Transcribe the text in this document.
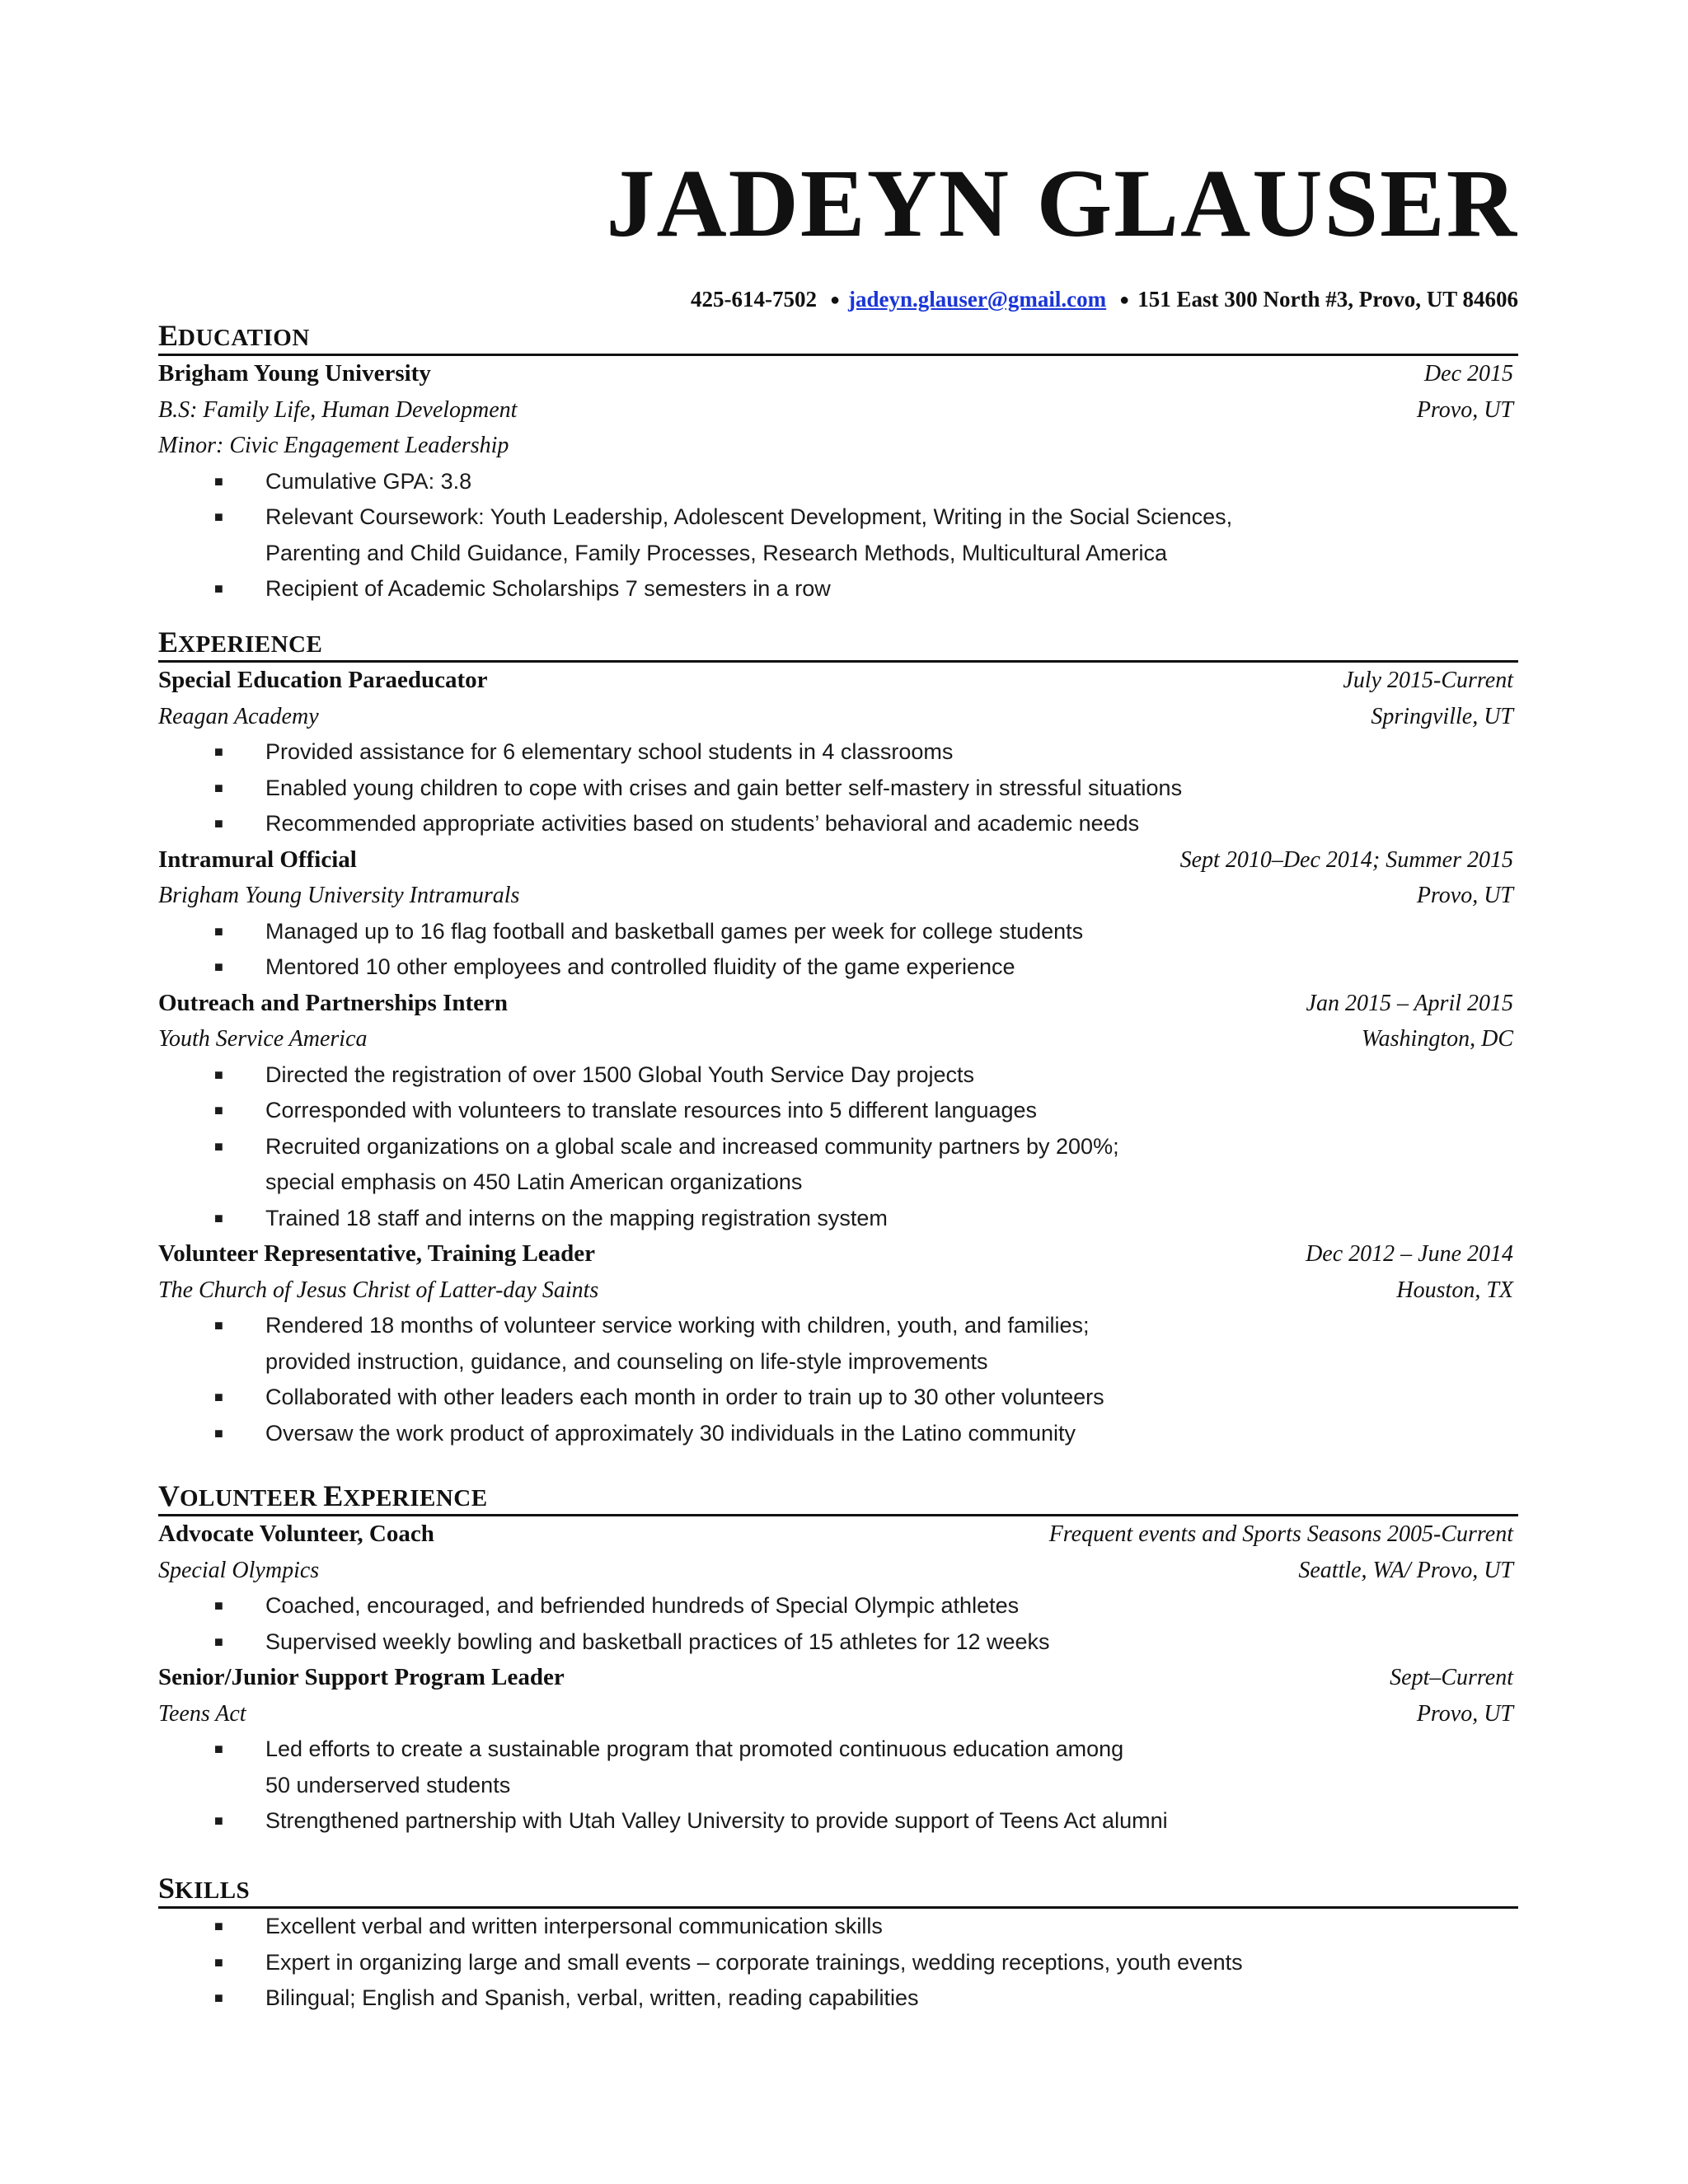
JADEYN GLAUSER
425-614-7502 ● jadeyn.glauser@gmail.com ● 151 East 300 North #3, Provo, UT 84606
E DUCATION
Brigham Young University	Dec 2015
B.S: Family Life, Human Development	Provo, UT
Minor: Civic Engagement Leadership
■ Cumulative GPA: 3.8
■ Relevant Coursework: Youth Leadership, Adolescent Development, Writing in the Social Sciences,
Parenting and Child Guidance, Family Processes, Research Methods, Multicultural America
■ Recipient of Academic Scholarships 7 semesters in a row
E XPERIENCE
Special Education Paraeducator	July 2015-Current
Reagan Academy	Springville, UT
■ Provided assistance for 6 elementary school students in 4 classrooms
■ Enabled young children to cope with crises and gain better self-mastery in stressful situations
■ Recommended appropriate activities based on students’ behavioral and academic needs
Intramural Official	Sept 2010–Dec 2014; Summer 2015
Brigham Young University Intramurals	Provo, UT
■ Managed up to 16 flag football and basketball games per week for college students
■ Mentored 10 other employees and controlled fluidity of the game experience
Outreach and Partnerships Intern	Jan 2015 – April 2015
Youth Service America	Washington, DC
■ Directed the registration of over 1500 Global Youth Service Day projects
■ Corresponded with volunteers to translate resources into 5 different languages
■ Recruited organizations on a global scale and increased community partners by 200%;
special emphasis on 450 Latin American organizations
■ Trained 18 staff and interns on the mapping registration system
Volunteer Representative, Training Leader	Dec 2012 – June 2014
The Church of Jesus Christ of Latter-day Saints	Houston, TX
■ Rendered 18 months of volunteer service working with children, youth, and families;
provided instruction, guidance, and counseling on life-style improvements
■ Collaborated with other leaders each month in order to train up to 30 other volunteers
■ Oversaw the work product of approximately 30 individuals in the Latino community
V OLUNTEER
E XPERIENCE
Advocate Volunteer, Coach	Frequent events and Sports Seasons 2005-Current
Special Olympics	Seattle, WA/ Provo, UT
■ Coached, encouraged, and befriended hundreds of Special Olympic athletes
■ Supervised weekly bowling and basketball practices of 15 athletes for 12 weeks
Senior/Junior Support Program Leader	Sept–Current
Teens Act	Provo, UT
■ Led efforts to create a sustainable program that promoted continuous education among
50 underserved students
■ Strengthened partnership with Utah Valley University to provide support of Teens Act alumni
S KILLS
■ Excellent verbal and written interpersonal communication skills
■ Expert in organizing large and small events – corporate trainings, wedding receptions, youth events
■ Bilingual; English and Spanish, verbal, written, reading capabilities
